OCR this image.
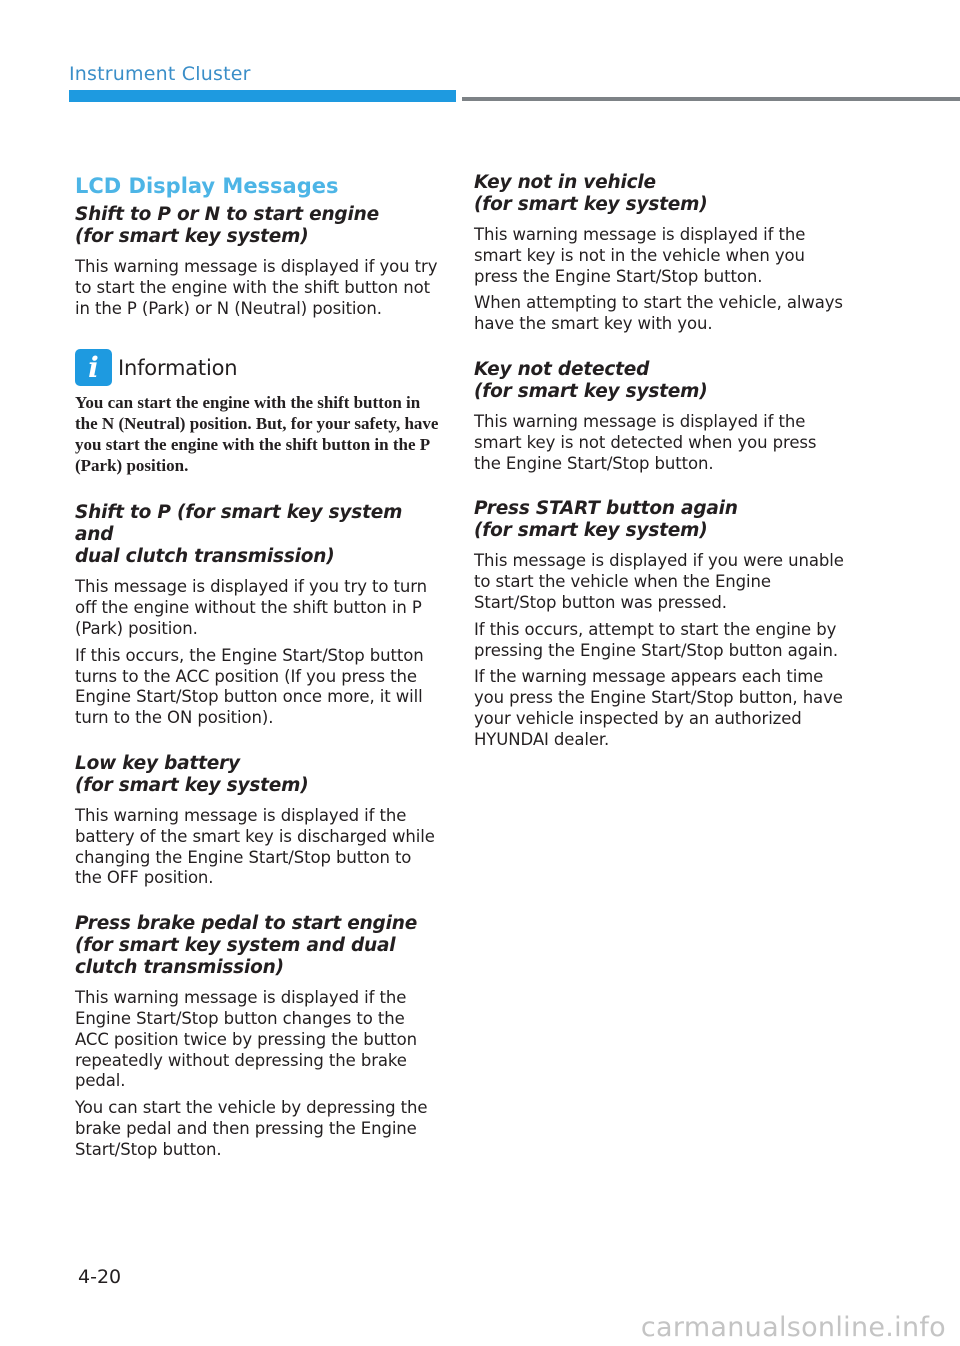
Instrument Cluster
LCD Display Messages
Shift to P or N to start engine
(for smart key system)

This warning message is displayed if you try to start the engine with the shift button not in the P (Park) or N (Neutral) position.

i Information

You can start the engine with the shift button in the N (Neutral) position. But, for your safety, have you start the engine with the shift button in the P (Park) position.

Shift to P (for smart key system and
dual clutch transmission)

This message is displayed if you try to turn off the engine without the shift button in P (Park) position.

If this occurs, the Engine Start/Stop button turns to the ACC position (If you press the Engine Start/Stop button once more, it will turn to the ON position).

Low key battery
(for smart key system)

This warning message is displayed if the battery of the smart key is discharged while changing the Engine Start/Stop button to the OFF position.

Press brake pedal to start engine
(for smart key system and dual
clutch transmission)

This warning message is displayed if the Engine Start/Stop button changes to the ACC position twice by pressing the button repeatedly without depressing the brake pedal.

You can start the vehicle by depressing the brake pedal and then pressing the Engine Start/Stop button.

Key not in vehicle
(for smart key system)

This warning message is displayed if the smart key is not in the vehicle when you press the Engine Start/Stop button.

When attempting to start the vehicle, always have the smart key with you.

Key not detected
(for smart key system)

This warning message is displayed if the smart key is not detected when you press the Engine Start/Stop button.

Press START button again
(for smart key system)

This message is displayed if you were unable to start the vehicle when the Engine Start/Stop button was pressed.

If this occurs, attempt to start the engine by pressing the Engine Start/Stop button again.

If the warning message appears each time you press the Engine Start/Stop button, have your vehicle inspected by an authorized HYUNDAI dealer.

4-20
carmanualsonline.info
